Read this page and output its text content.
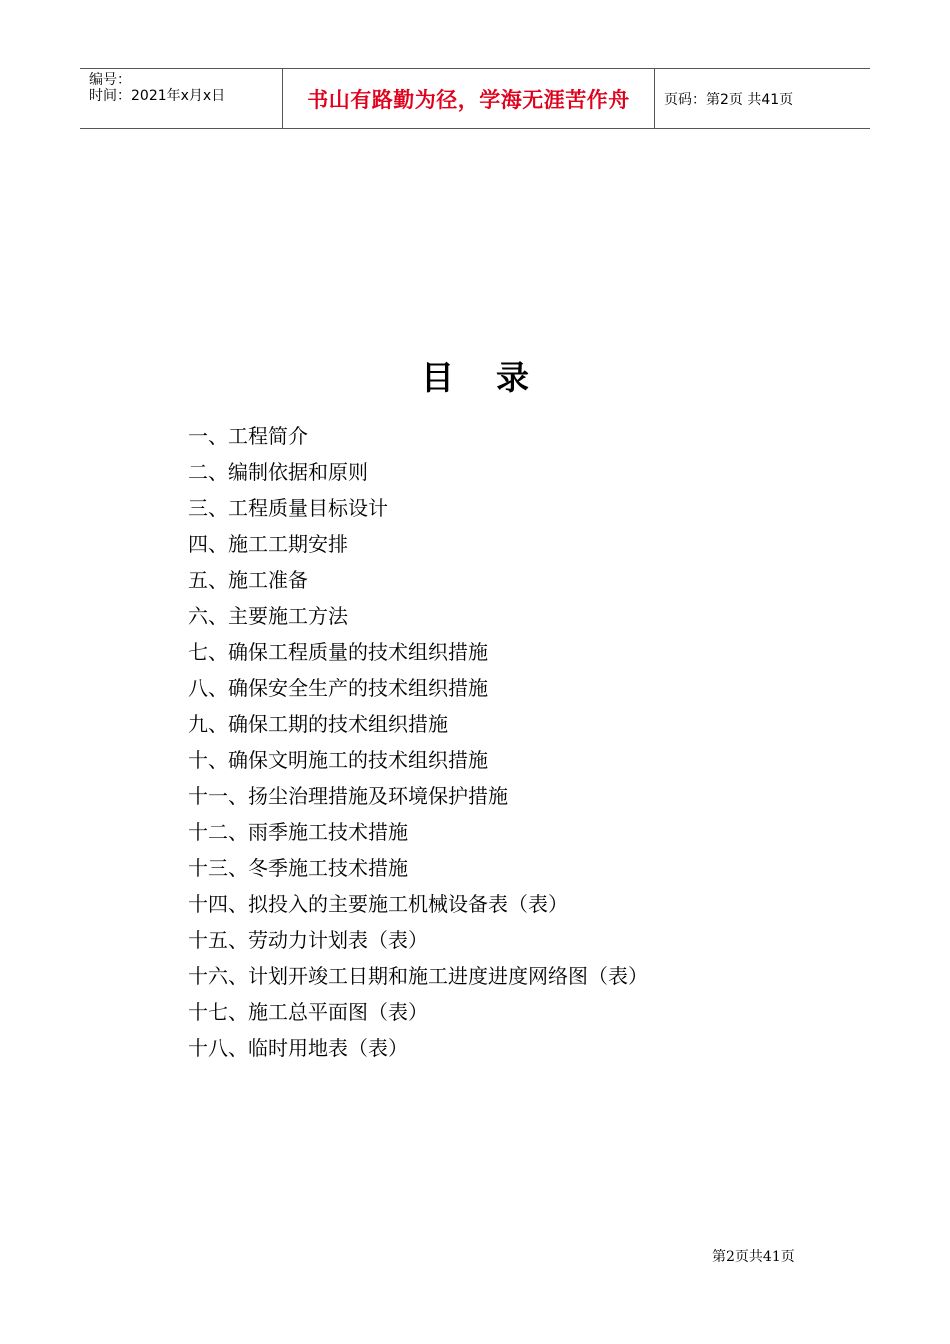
编号：
时间：2021年x月x日	书山有路勤为径，学海无涯苦作舟	页码：第2页 共41页
目录
一、工程简介
二、编制依据和原则
三、工程质量目标设计
四、施工工期安排
五、施工准备
六、主要施工方法
七、确保工程质量的技术组织措施
八、确保安全生产的技术组织措施
九、确保工期的技术组织措施
十、确保文明施工的技术组织措施
十一、扬尘治理措施及环境保护措施
十二、雨季施工技术措施
十三、冬季施工技术措施
十四、拟投入的主要施工机械设备表（表）
十五、劳动力计划表（表）
十六、计划开竣工日期和施工进度进度网络图（表）
十七、施工总平面图（表）
十八、临时用地表（表）
第2页共41页
